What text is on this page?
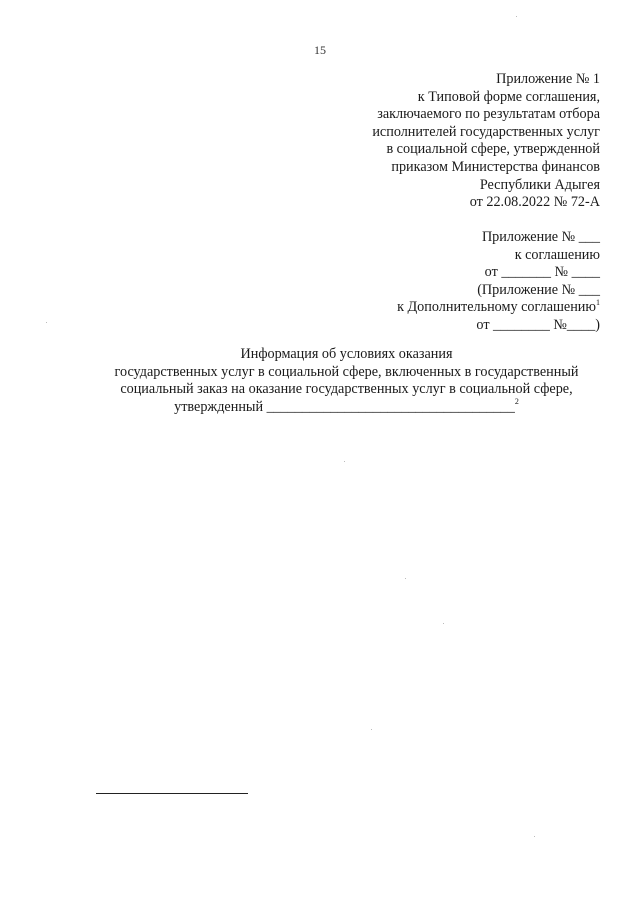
15
Приложение № 1
к Типовой форме соглашения,
заключаемого по результатам отбора
исполнителей государственных услуг
в социальной сфере, утвержденной
приказом Министерства финансов
Республики Адыгея
от 22.08.2022 № 72-А
Приложение № ___
к соглашению
от _______ № ____
(Приложение № ___
к Дополнительному соглашению$^1$
от ________ №____)
Информация об условиях оказания
государственных услуг в социальной сфере, включенных в государственный
социальный заказ на оказание государственных услуг в социальной сфере,
утвержденный ___________________________________$^2$
